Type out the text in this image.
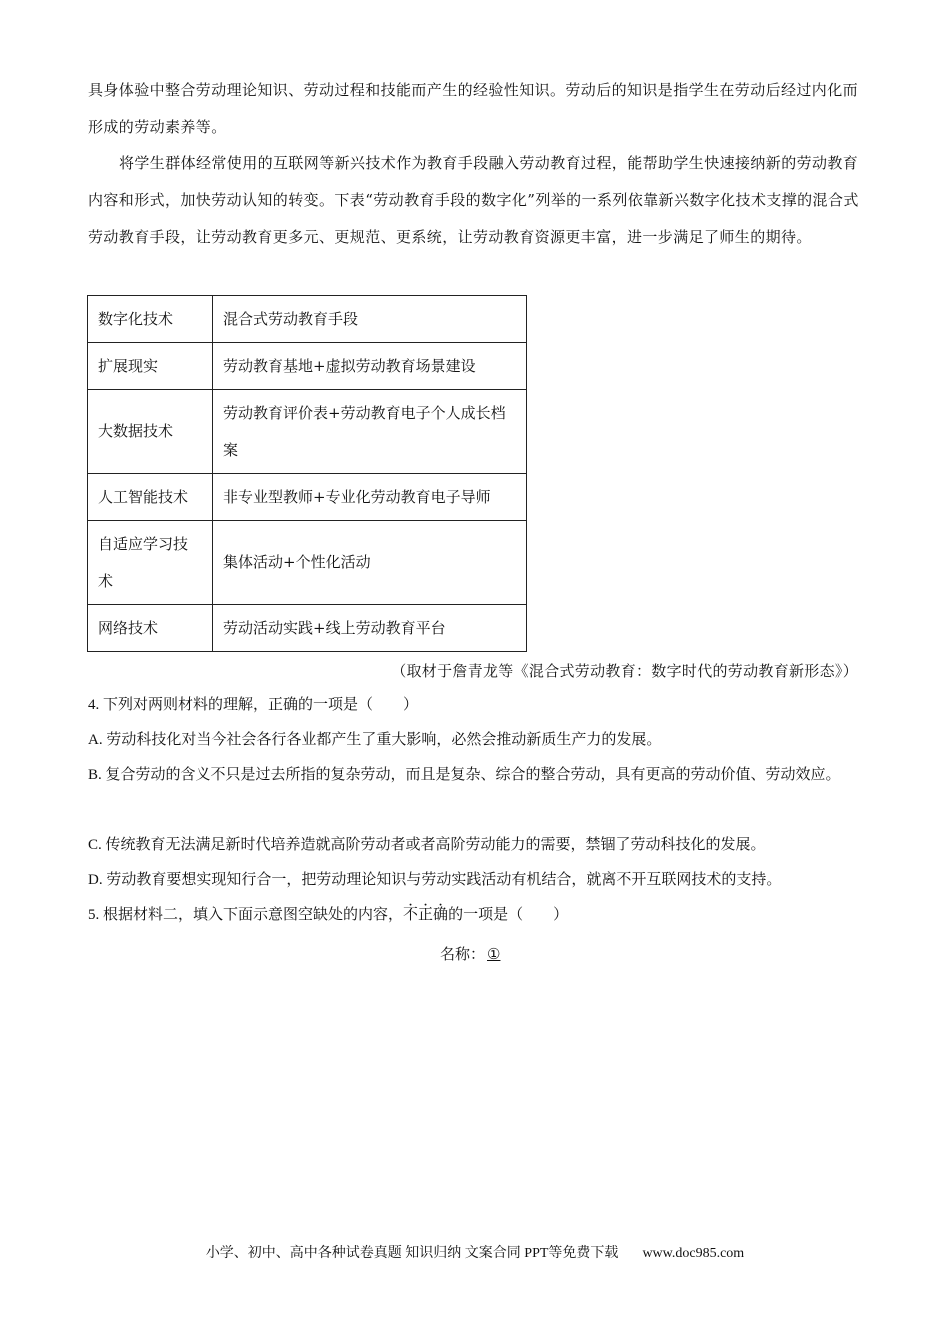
具身体验中整合劳动理论知识、劳动过程和技能而产生的经验性知识。劳动后的知识是指学生在劳动后经过内化而形成的劳动素养等。
将学生群体经常使用的互联网等新兴技术作为教育手段融入劳动教育过程，能帮助学生快速接纳新的劳动教育内容和形式，加快劳动认知的转变。下表“劳动教育手段的数字化”列举的一系列依靠新兴数字化技术支撑的混合式劳动教育手段，让劳动教育更多元、更规范、更系统，让劳动教育资源更丰富，进一步满足了师生的期待。
数字化技术	混合式劳动教育手段
扩展现实	劳动教育基地+虚拟劳动教育场景建设
大数据技术	劳动教育评价表+劳动教育电子个人成长档案
人工智能技术	非专业型教师+专业化劳动教育电子导师
自适应学习技术	集体活动+个性化活动
网络技术	劳动活动实践+线上劳动教育平台
（取材于詹青龙等《混合式劳动教育：数字时代的劳动教育新形态》）
4. 下列对两则材料的理解，正确的一项是（　　）
A. 劳动科技化对当今社会各行各业都产生了重大影响，必然会推动新质生产力的发展。
B. 复合劳动的含义不只是过去所指的复杂劳动，而且是复杂、综合的整合劳动，具有更高的劳动价值、劳动效应。
C. 传统教育无法满足新时代培养造就高阶劳动者或者高阶劳动能力的需要，禁锢了劳动科技化的发展。
D. 劳动教育要想实现知行合一，把劳动理论知识与劳动实践活动有机结合，就离不开互联网技术的支持。
5. 根据材料二，填入下面示意图空缺处的内容，不正确的一项是（　　）
名称： ①
小学、初中、高中各种试卷真题 知识归纳 文案合同 PPT等免费下载 www.doc985.com
